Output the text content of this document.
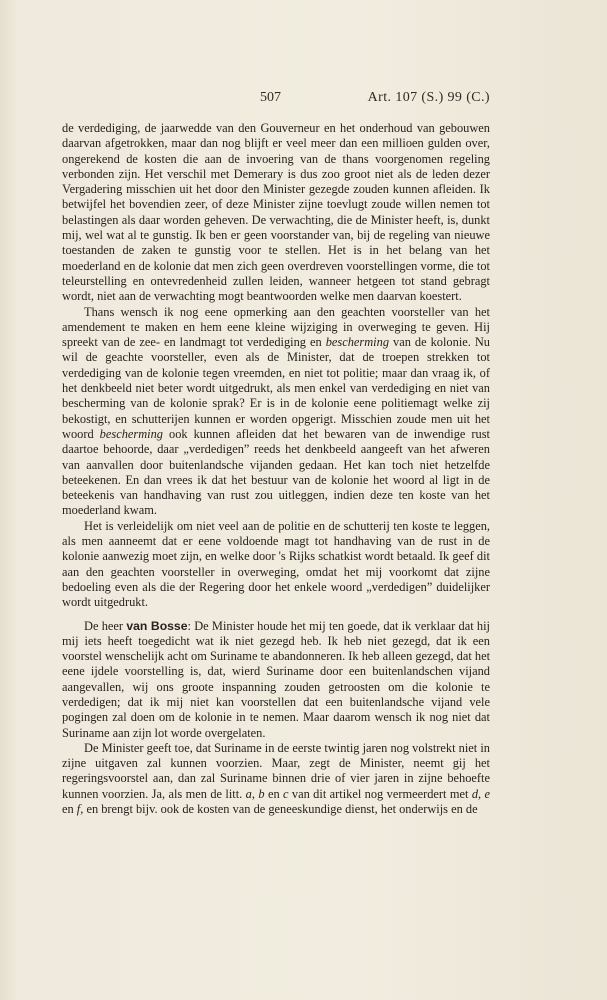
507	Art. 107 (S.) 99 (C.)

de verdediging, de jaarwedde van den Gouverneur en het onderhoud van gebouwen daarvan afgetrokken, maar dan nog blijft er veel meer dan een millioen gulden over, ongerekend de kosten die aan de invoering van de thans voorgenomen regeling verbonden zijn. Het verschil met Demerary is dus zoo groot niet als de leden dezer Vergadering misschien uit het door den Minister gezegde zouden kunnen afleiden. Ik betwijfel het bovendien zeer, of deze Minister zijne toevlugt zoude willen nemen tot belastingen als daar worden geheven. De verwachting, die de Minister heeft, is, dunkt mij, wel wat al te gunstig. Ik ben er geen voorstander van, bij de regeling van nieuwe toestanden de zaken te gunstig voor te stellen. Het is in het belang van het moederland en de kolonie dat men zich geen overdreven voorstellingen vorme, die tot teleurstelling en ontevredenheid zullen leiden, wanneer hetgeen tot stand gebragt wordt, niet aan de verwachting mogt beantwoorden welke men daarvan koestert.

Thans wensch ik nog eene opmerking aan den geachten voorsteller van het amendement te maken en hem eene kleine wijziging in overweging te geven. Hij spreekt van de zee- en landmagt tot verdediging en bescherming van de kolonie. Nu wil de geachte voorsteller, even als de Minister, dat de troepen strekken tot verdediging van de kolonie tegen vreemden, en niet tot politie; maar dan vraag ik, of het denkbeeld niet beter wordt uitgedrukt, als men enkel van verdediging en niet van bescherming van de kolonie sprak? Er is in de kolonie eene politiemagt welke zij bekostigt, en schutterijen kunnen er worden opgerigt. Misschien zoude men uit het woord bescherming ook kunnen afleiden dat het bewaren van de inwendige rust daartoe behoorde, daar „verdedigen” reeds het denkbeeld aangeeft van het afweren van aanvallen door buitenlandsche vijanden gedaan. Het kan toch niet hetzelfde beteekenen. En dan vrees ik dat het bestuur van de kolonie het woord al ligt in de beteekenis van handhaving van rust zou uitleggen, indien deze ten koste van het moederland kwam.

Het is verleidelijk om niet veel aan de politie en de schutterij ten koste te leggen, als men aanneemt dat er eene voldoende magt tot handhaving van de rust in de kolonie aanwezig moet zijn, en welke door 's Rijks schatkist wordt betaald. Ik geef dit aan den geachten voorsteller in overweging, omdat het mij voorkomt dat zijne bedoeling even als die der Regering door het enkele woord „verdedigen” duidelijker wordt uitgedrukt.

De heer van Bosse: De Minister houde het mij ten goede, dat ik verklaar dat hij mij iets heeft toegedicht wat ik niet gezegd heb. Ik heb niet gezegd, dat ik een voorstel wenschelijk acht om Suriname te abandonneren. Ik heb alleen gezegd, dat het eene ijdele voorstelling is, dat, wierd Suriname door een buitenlandschen vijand aangevallen, wij ons groote inspanning zouden getroosten om die kolonie te verdedigen; dat ik mij niet kan voorstellen dat een buitenlandsche vijand vele pogingen zal doen om de kolonie in te nemen. Maar daarom wensch ik nog niet dat Suriname aan zijn lot worde overgelaten.

De Minister geeft toe, dat Suriname in de eerste twintig jaren nog volstrekt niet in zijne uitgaven zal kunnen voorzien. Maar, zegt de Minister, neemt gij het regeringsvoorstel aan, dan zal Suriname binnen drie of vier jaren in zijne behoefte kunnen voorzien. Ja, als men de litt. a, b en c van dit artikel nog vermeerdert met d, e en f, en brengt bijv. ook de kosten van de geneeskundige dienst, het onderwijs en de
